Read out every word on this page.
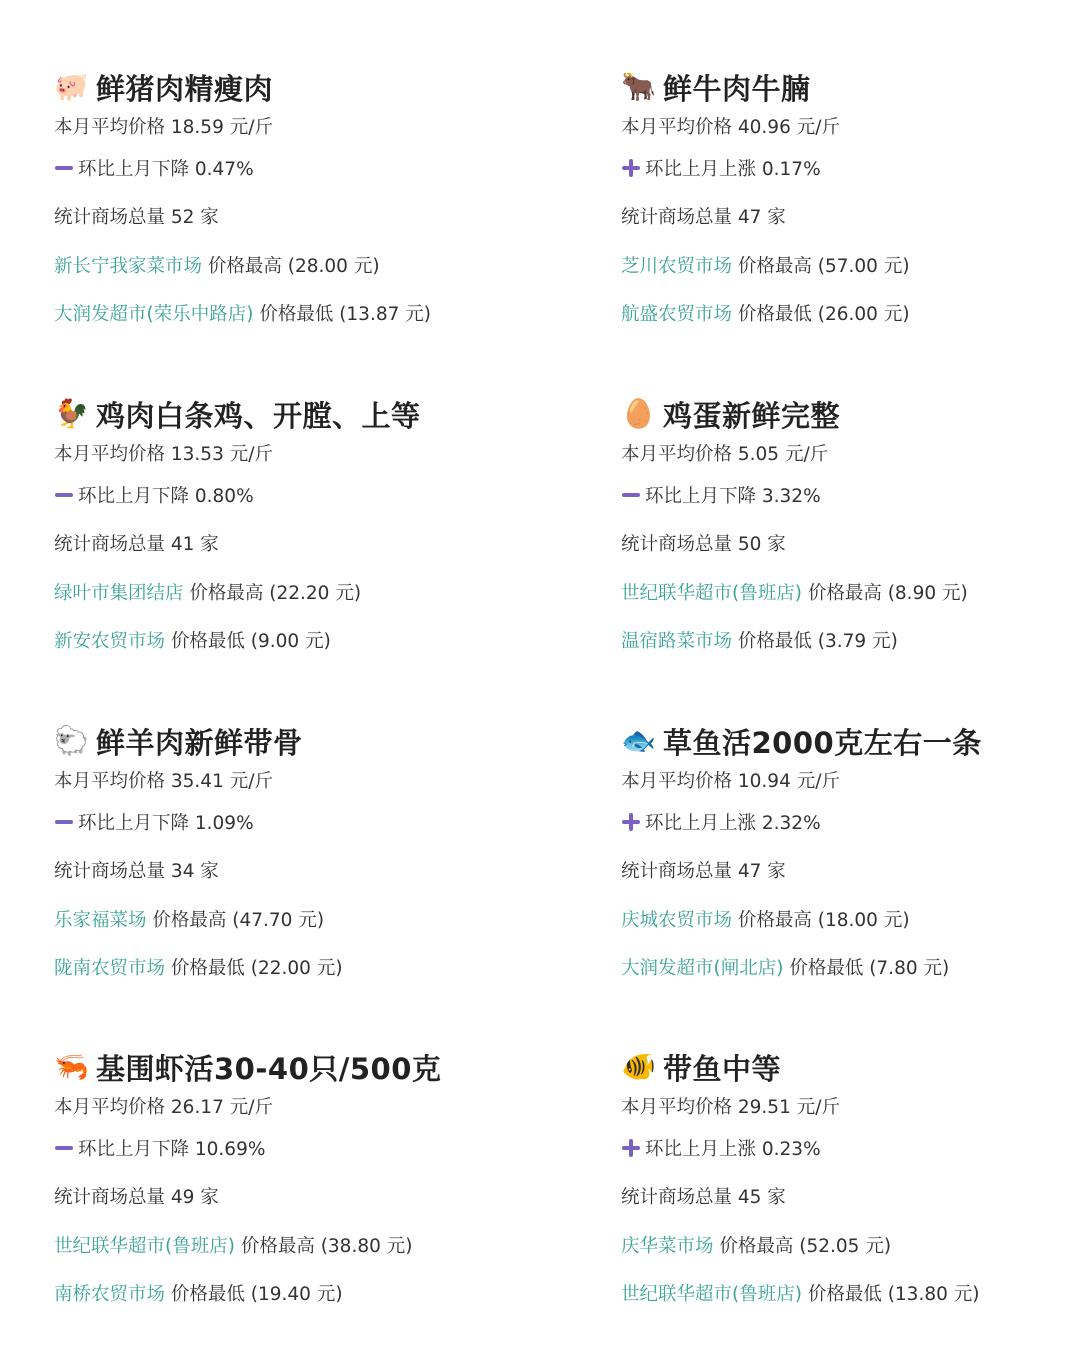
🐖 鲜猪肉精瘦肉
本月平均价格 18.59 元/斤
环比上月下降 0.47%
统计商场总量 52 家
新长宁我家菜市场 价格最高 (28.00 元)
大润发超市(荣乐中路店) 价格最低 (13.87 元)
🐂 鲜牛肉牛腩
本月平均价格 40.96 元/斤
环比上月上涨 0.17%
统计商场总量 47 家
芝川农贸市场 价格最高 (57.00 元)
航盛农贸市场 价格最低 (26.00 元)
🐓 鸡肉白条鸡、开膛、上等
本月平均价格 13.53 元/斤
环比上月下降 0.80%
统计商场总量 41 家
绿叶市集团结店 价格最高 (22.20 元)
新安农贸市场 价格最低 (9.00 元)
🥚 鸡蛋新鲜完整
本月平均价格 5.05 元/斤
环比上月下降 3.32%
统计商场总量 50 家
世纪联华超市(鲁班店) 价格最高 (8.90 元)
温宿路菜市场 价格最低 (3.79 元)
🐑 鲜羊肉新鲜带骨
本月平均价格 35.41 元/斤
环比上月下降 1.09%
统计商场总量 34 家
乐家福菜场 价格最高 (47.70 元)
陇南农贸市场 价格最低 (22.00 元)
🐟 草鱼活2000克左右一条
本月平均价格 10.94 元/斤
环比上月上涨 2.32%
统计商场总量 47 家
庆城农贸市场 价格最高 (18.00 元)
大润发超市(闸北店) 价格最低 (7.80 元)
🦐 基围虾活30-40只/500克
本月平均价格 26.17 元/斤
环比上月下降 10.69%
统计商场总量 49 家
世纪联华超市(鲁班店) 价格最高 (38.80 元)
南桥农贸市场 价格最低 (19.40 元)
🐠 带鱼中等
本月平均价格 29.51 元/斤
环比上月上涨 0.23%
统计商场总量 45 家
庆华菜市场 价格最高 (52.05 元)
世纪联华超市(鲁班店) 价格最低 (13.80 元)
